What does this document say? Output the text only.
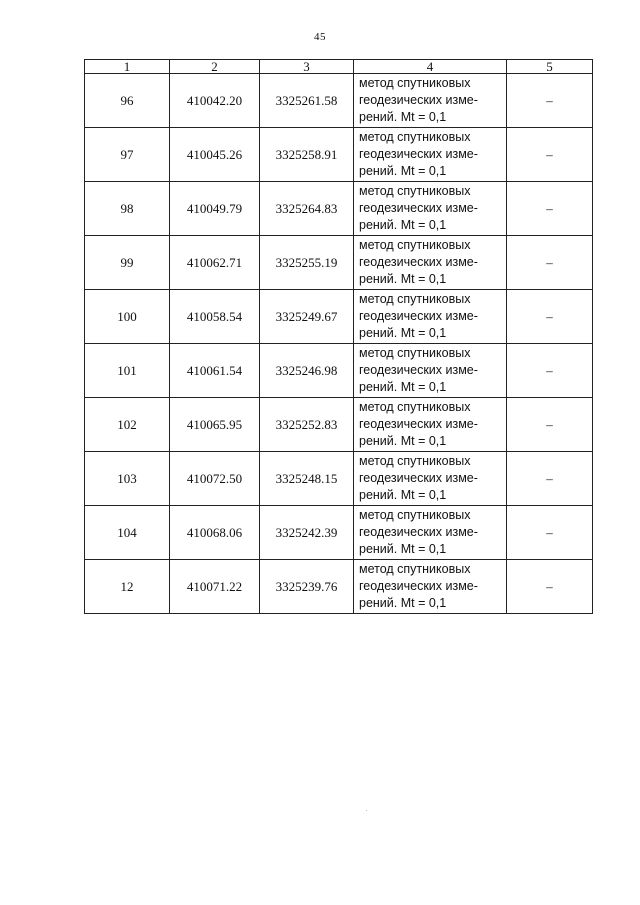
45
1	2	3	4	5
96	410042.20	3325261.58	метод спутниковых
геодезических изме-
рений. Mt = 0,1	–
97	410045.26	3325258.91	метод спутниковых
геодезических изме-
рений. Mt = 0,1	–
98	410049.79	3325264.83	метод спутниковых
геодезических изме-
рений. Mt = 0,1	–
99	410062.71	3325255.19	метод спутниковых
геодезических изме-
рений. Mt = 0,1	–
100	410058.54	3325249.67	метод спутниковых
геодезических изме-
рений. Mt = 0,1	–
101	410061.54	3325246.98	метод спутниковых
геодезических изме-
рений. Mt = 0,1	–
102	410065.95	3325252.83	метод спутниковых
геодезических изме-
рений. Mt = 0,1	–
103	410072.50	3325248.15	метод спутниковых
геодезических изме-
рений. Mt = 0,1	–
104	410068.06	3325242.39	метод спутниковых
геодезических изме-
рений. Mt = 0,1	–
12	410071.22	3325239.76	метод спутниковых
геодезических изме-
рений. Mt = 0,1	–
